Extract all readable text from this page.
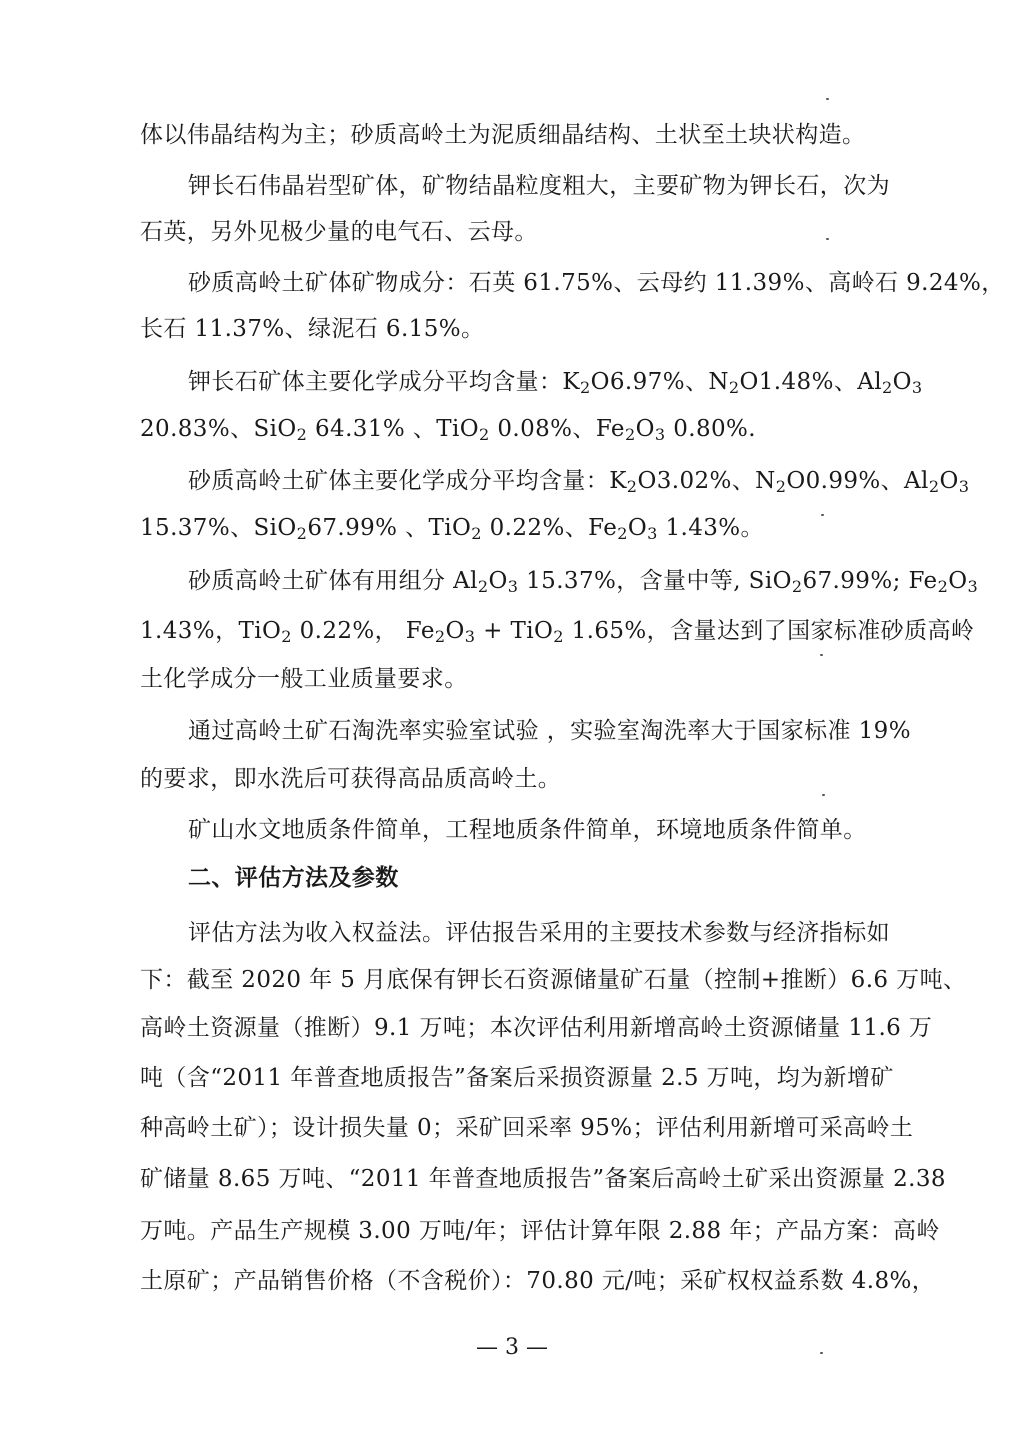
体以伟晶结构为主；砂质高岭土为泥质细晶结构、土状至土块状构造。
钾长石伟晶岩型矿体，矿物结晶粒度粗大，主要矿物为钾长石，次为
石英，另外见极少量的电气石、云母。
砂质高岭土矿体矿物成分：石英 61.75%、云母约 11.39%、高岭石 9.24%，
长石 11.37%、绿泥石 6.15%。
钾长石矿体主要化学成分平均含量：$K_2O6.97\%$、$N_2O1.48\%$、$Al_2O_3$
20.83%、SiO$_2$ 64.31% 、TiO$_2$ 0.08%、$Fe_2O_3$ 0.80%.
砂质高岭土矿体主要化学成分平均含量：$K_2O3.02\%$、$N_2O0.99\%$、$Al_2O_3$
15.37%、SiO$_2$67.99% 、TiO$_2$ 0.22%、$Fe_2O_3$ 1.43%。
砂质高岭土矿体有用组分 $Al_2O_3$ 15.37%，含量中等, SiO$_2$67.99%; $Fe_2O_3$
1.43%，TiO$_2$ 0.22%， $Fe_2O_3 + TiO_2$ 1.65%，含量达到了国家标准砂质高岭
土化学成分一般工业质量要求。
通过高岭土矿石淘洗率实验室试验 ，实验室淘洗率大于国家标准 19%
的要求，即水洗后可获得高品质高岭土。
矿山水文地质条件简单，工程地质条件简单，环境地质条件简单。
二、评估方法及参数
评估方法为收入权益法。评估报告采用的主要技术参数与经济指标如
下：截至 2020 年 5 月底保有钾长石资源储量矿石量（控制+推断）6.6 万吨、
高岭土资源量（推断）9.1 万吨；本次评估利用新增高岭土资源储量 11.6 万
吨（含“2011 年普查地质报告”备案后采损资源量 2.5 万吨，均为新增矿
种高岭土矿）；设计损失量 0；采矿回采率 95%；评估利用新增可采高岭土
矿储量 8.65 万吨、“2011 年普查地质报告”备案后高岭土矿采出资源量 2.38
万吨。产品生产规模 3.00 万吨/年；评估计算年限 2.88 年；产品方案：高岭
土原矿；产品销售价格（不含税价）：70.80 元/吨；采矿权权益系数 4.8%，
— 3 —
